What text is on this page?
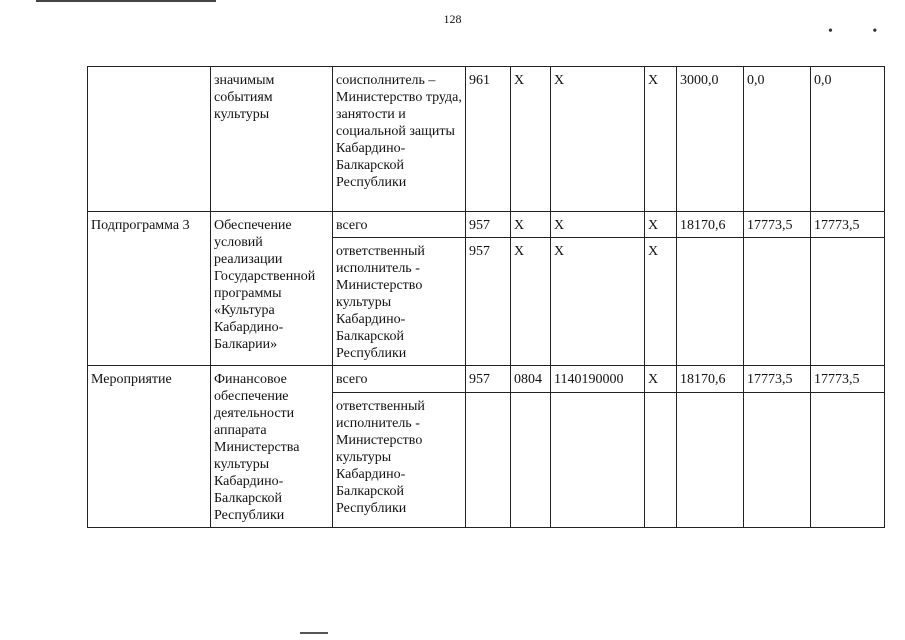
128
• •
	значимым событиям культуры	соисполнитель – Министерство труда, занятости и социальной защиты Кабардино-Балкарской Республики	961	X	X	X	3000,0	0,0	0,0
Подпрограмма 3	Обеспечение условий реализации Государственной программы «Культура Кабардино-Балкарии»	всего	957	X	X	X	18170,6	17773,5	17773,5
		ответственный исполнитель - Министерство культуры Кабардино-Балкарской Республики	957	X	X	X			
Мероприятие	Финансовое обеспечение деятельности аппарата Министерства культуры Кабардино-Балкарской Республики	всего	957	0804	1140190000	X	18170,6	17773,5	17773,5
		ответственный исполнитель - Министерство культуры Кабардино-Балкарской Республики							
